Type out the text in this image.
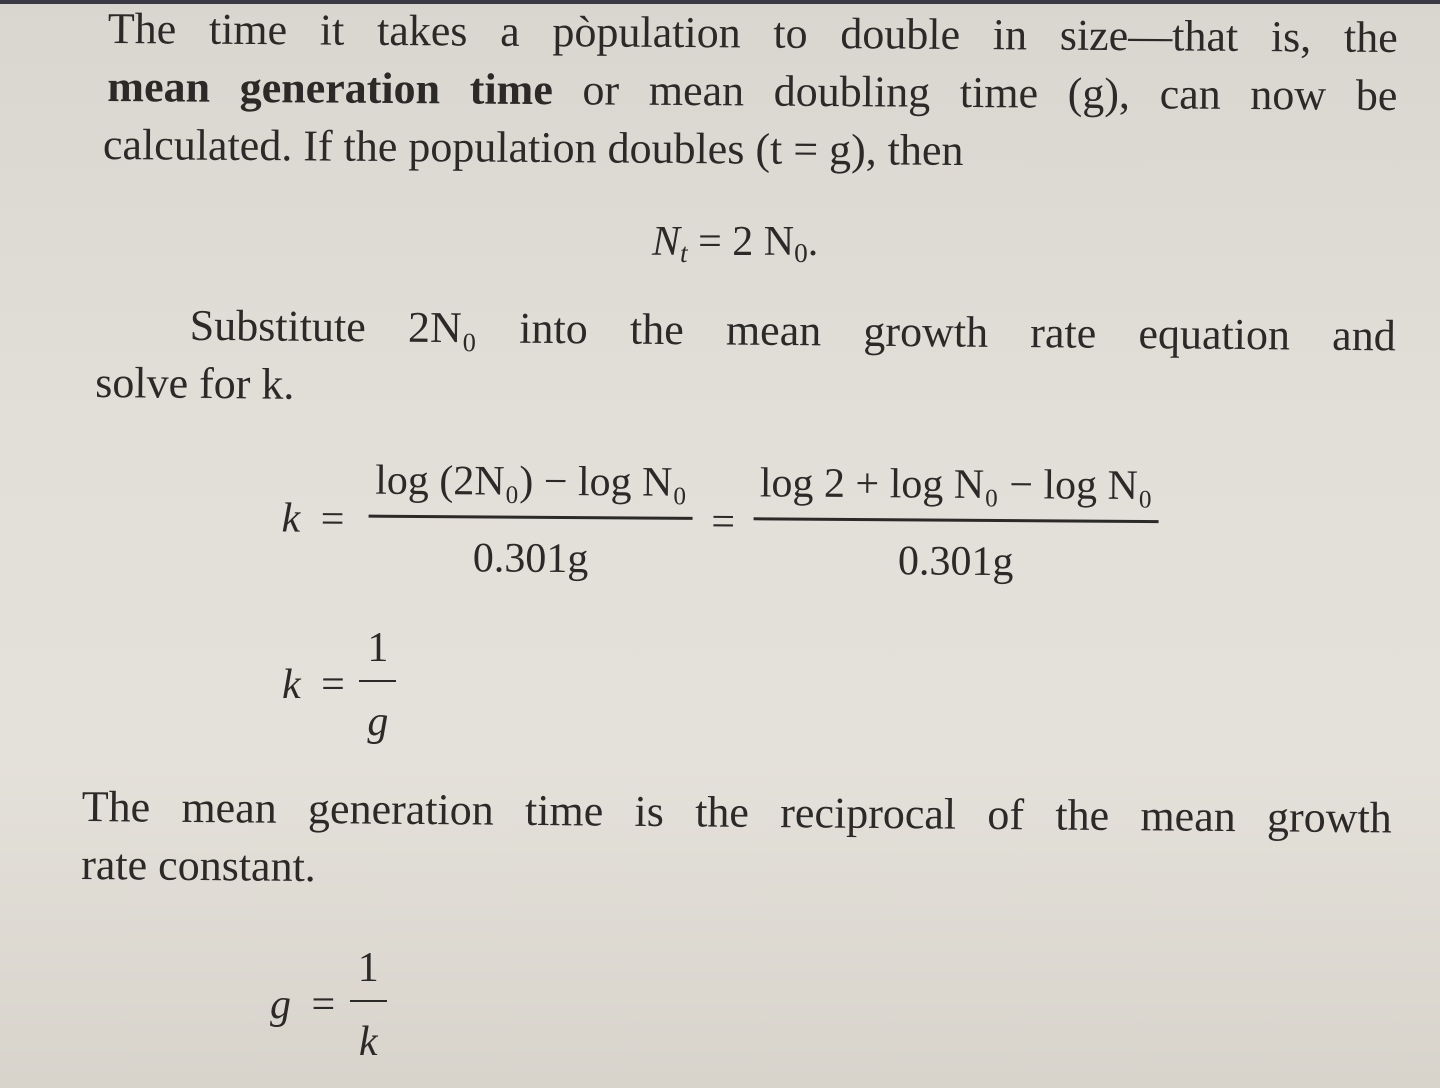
The time it takes a pòpulation to double in size—that is, the
mean generation time or mean doubling time (g), can now be
calculated. If the population doubles (t = g), then
$N_t = 2$ $N_0$.
Substitute 2N₀ into the mean growth rate equation and
solve for k.
$k = \frac{\text{log (2N₀) − log N₀}}{0.301g} = \frac{\text{log 2 + log N₀ − log N₀}}{0.301g}$
$k = \frac{1}{g}$
The mean generation time is the reciprocal of the mean growth
rate constant.
$g = \frac{1}{k}$
